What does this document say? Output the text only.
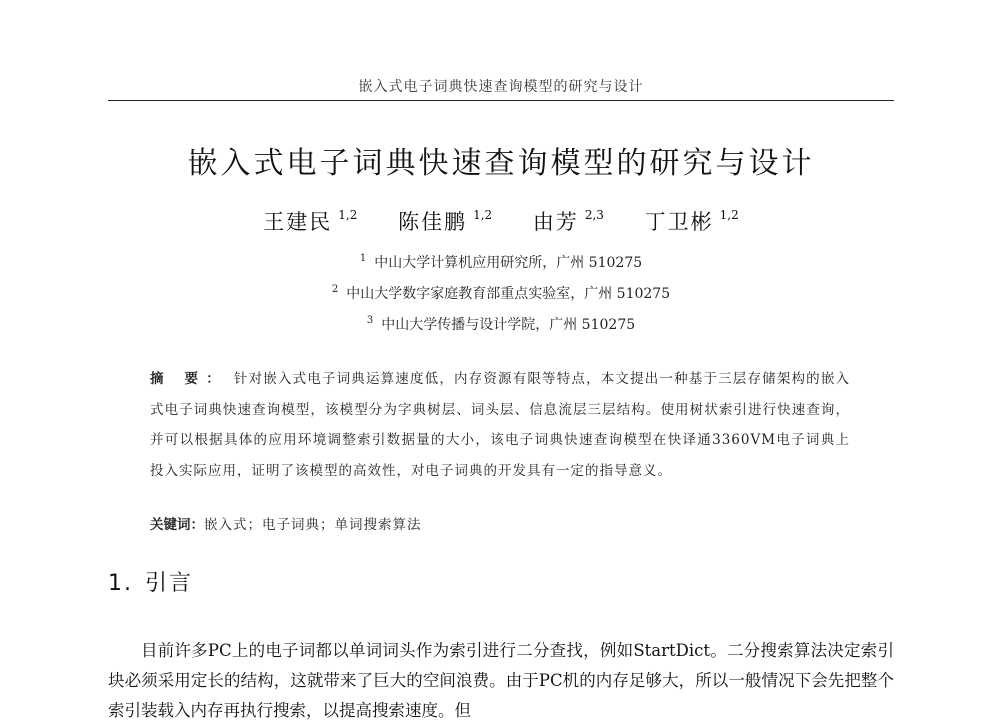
嵌入式电子词典快速查询模型的研究与设计
嵌入式电子词典快速查询模型的研究与设计
王建民 $^{1,2}$ 陈佳鹏 $^{1,2}$ 由芳 $^{2,3}$ 丁卫彬 $^{1,2}$
$^1$ 中山大学计算机应用研究所，广州 510275
$^2$ 中山大学数字家庭教育部重点实验室，广州 510275
$^3$ 中山大学传播与设计学院，广州 510275
摘 要： 针对嵌入式电子词典运算速度低，内存资源有限等特点，本文提出一种基于三层存储架构的嵌入式电子词典快速查询模型，该模型分为字典树层、词头层、信息流层三层结构。使用树状索引进行快速查询，并可以根据具体的应用环境调整索引数据量的大小，该电子词典快速查询模型在快译通3360VM电子词典上投入实际应用，证明了该模型的高效性，对电子词典的开发具有一定的指导意义。
关键词：嵌入式；电子词典；单词搜索算法
1. 引言
目前许多PC上的电子词都以单词词头作为索引进行二分查找，例如StartDict。二分搜索算法决定索引块必须采用定长的结构，这就带来了巨大的空间浪费。由于PC机的内存足够大，所以一般情况下会先把整个索引装载入内存再执行搜索，以提高搜索速度。但
